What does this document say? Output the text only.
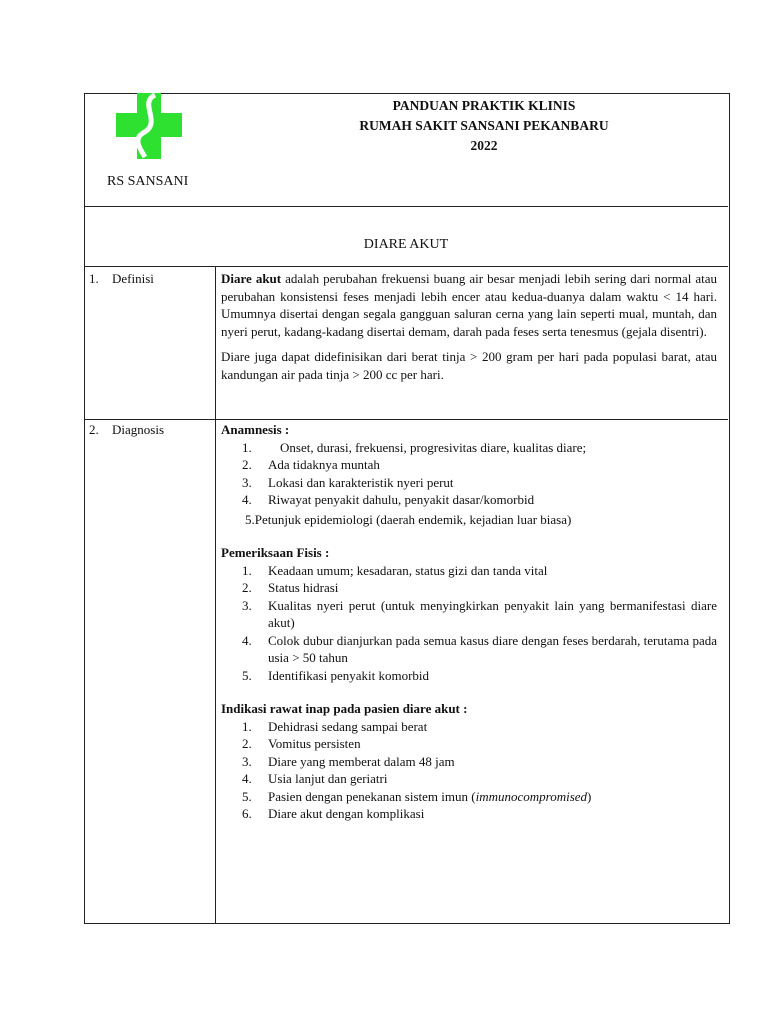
RS SANSANI
PANDUAN PRAKTIK KLINIS
RUMAH SAKIT SANSANI PEKANBARU
2022
DIARE AKUT
1. Definisi	Diare akut adalah perubahan frekuensi buang air besar menjadi lebih sering dari normal atau perubahan konsistensi feses menjadi lebih encer atau kedua-duanya dalam waktu < 14 hari. Umumnya disertai dengan segala gangguan saluran cerna yang lain seperti mual, muntah, dan nyeri perut, kadang-kadang disertai demam, darah pada feses serta tenesmus (gejala disentri).

Diare juga dapat didefinisikan dari berat tinja > 200 gram per hari pada populasi barat, atau kandungan air pada tinja > 200 cc per hari.

2. Diagnosis	Anamnesis :
1. Onset, durasi, frekuensi, progresivitas diare, kualitas diare;
2. Ada tidaknya muntah
3. Lokasi dan karakteristik nyeri perut
4. Riwayat penyakit dahulu, penyakit dasar/komorbid
5.Petunjuk epidemiologi (daerah endemik, kejadian luar biasa)
Pemeriksaan Fisis :
1. Keadaan umum; kesadaran, status gizi dan tanda vital
2. Status hidrasi
3. Kualitas nyeri perut (untuk menyingkirkan penyakit lain yang bermanifestasi diare akut)
4. Colok dubur dianjurkan pada semua kasus diare dengan feses berdarah, terutama pada usia > 50 tahun
5. Identifikasi penyakit komorbid
Indikasi rawat inap pada pasien diare akut :
1. Dehidrasi sedang sampai berat
2. Vomitus persisten
3. Diare yang memberat dalam 48 jam
4. Usia lanjut dan geriatri
5. Pasien dengan penekanan sistem imun (immunocompromised)
6. Diare akut dengan komplikasi
